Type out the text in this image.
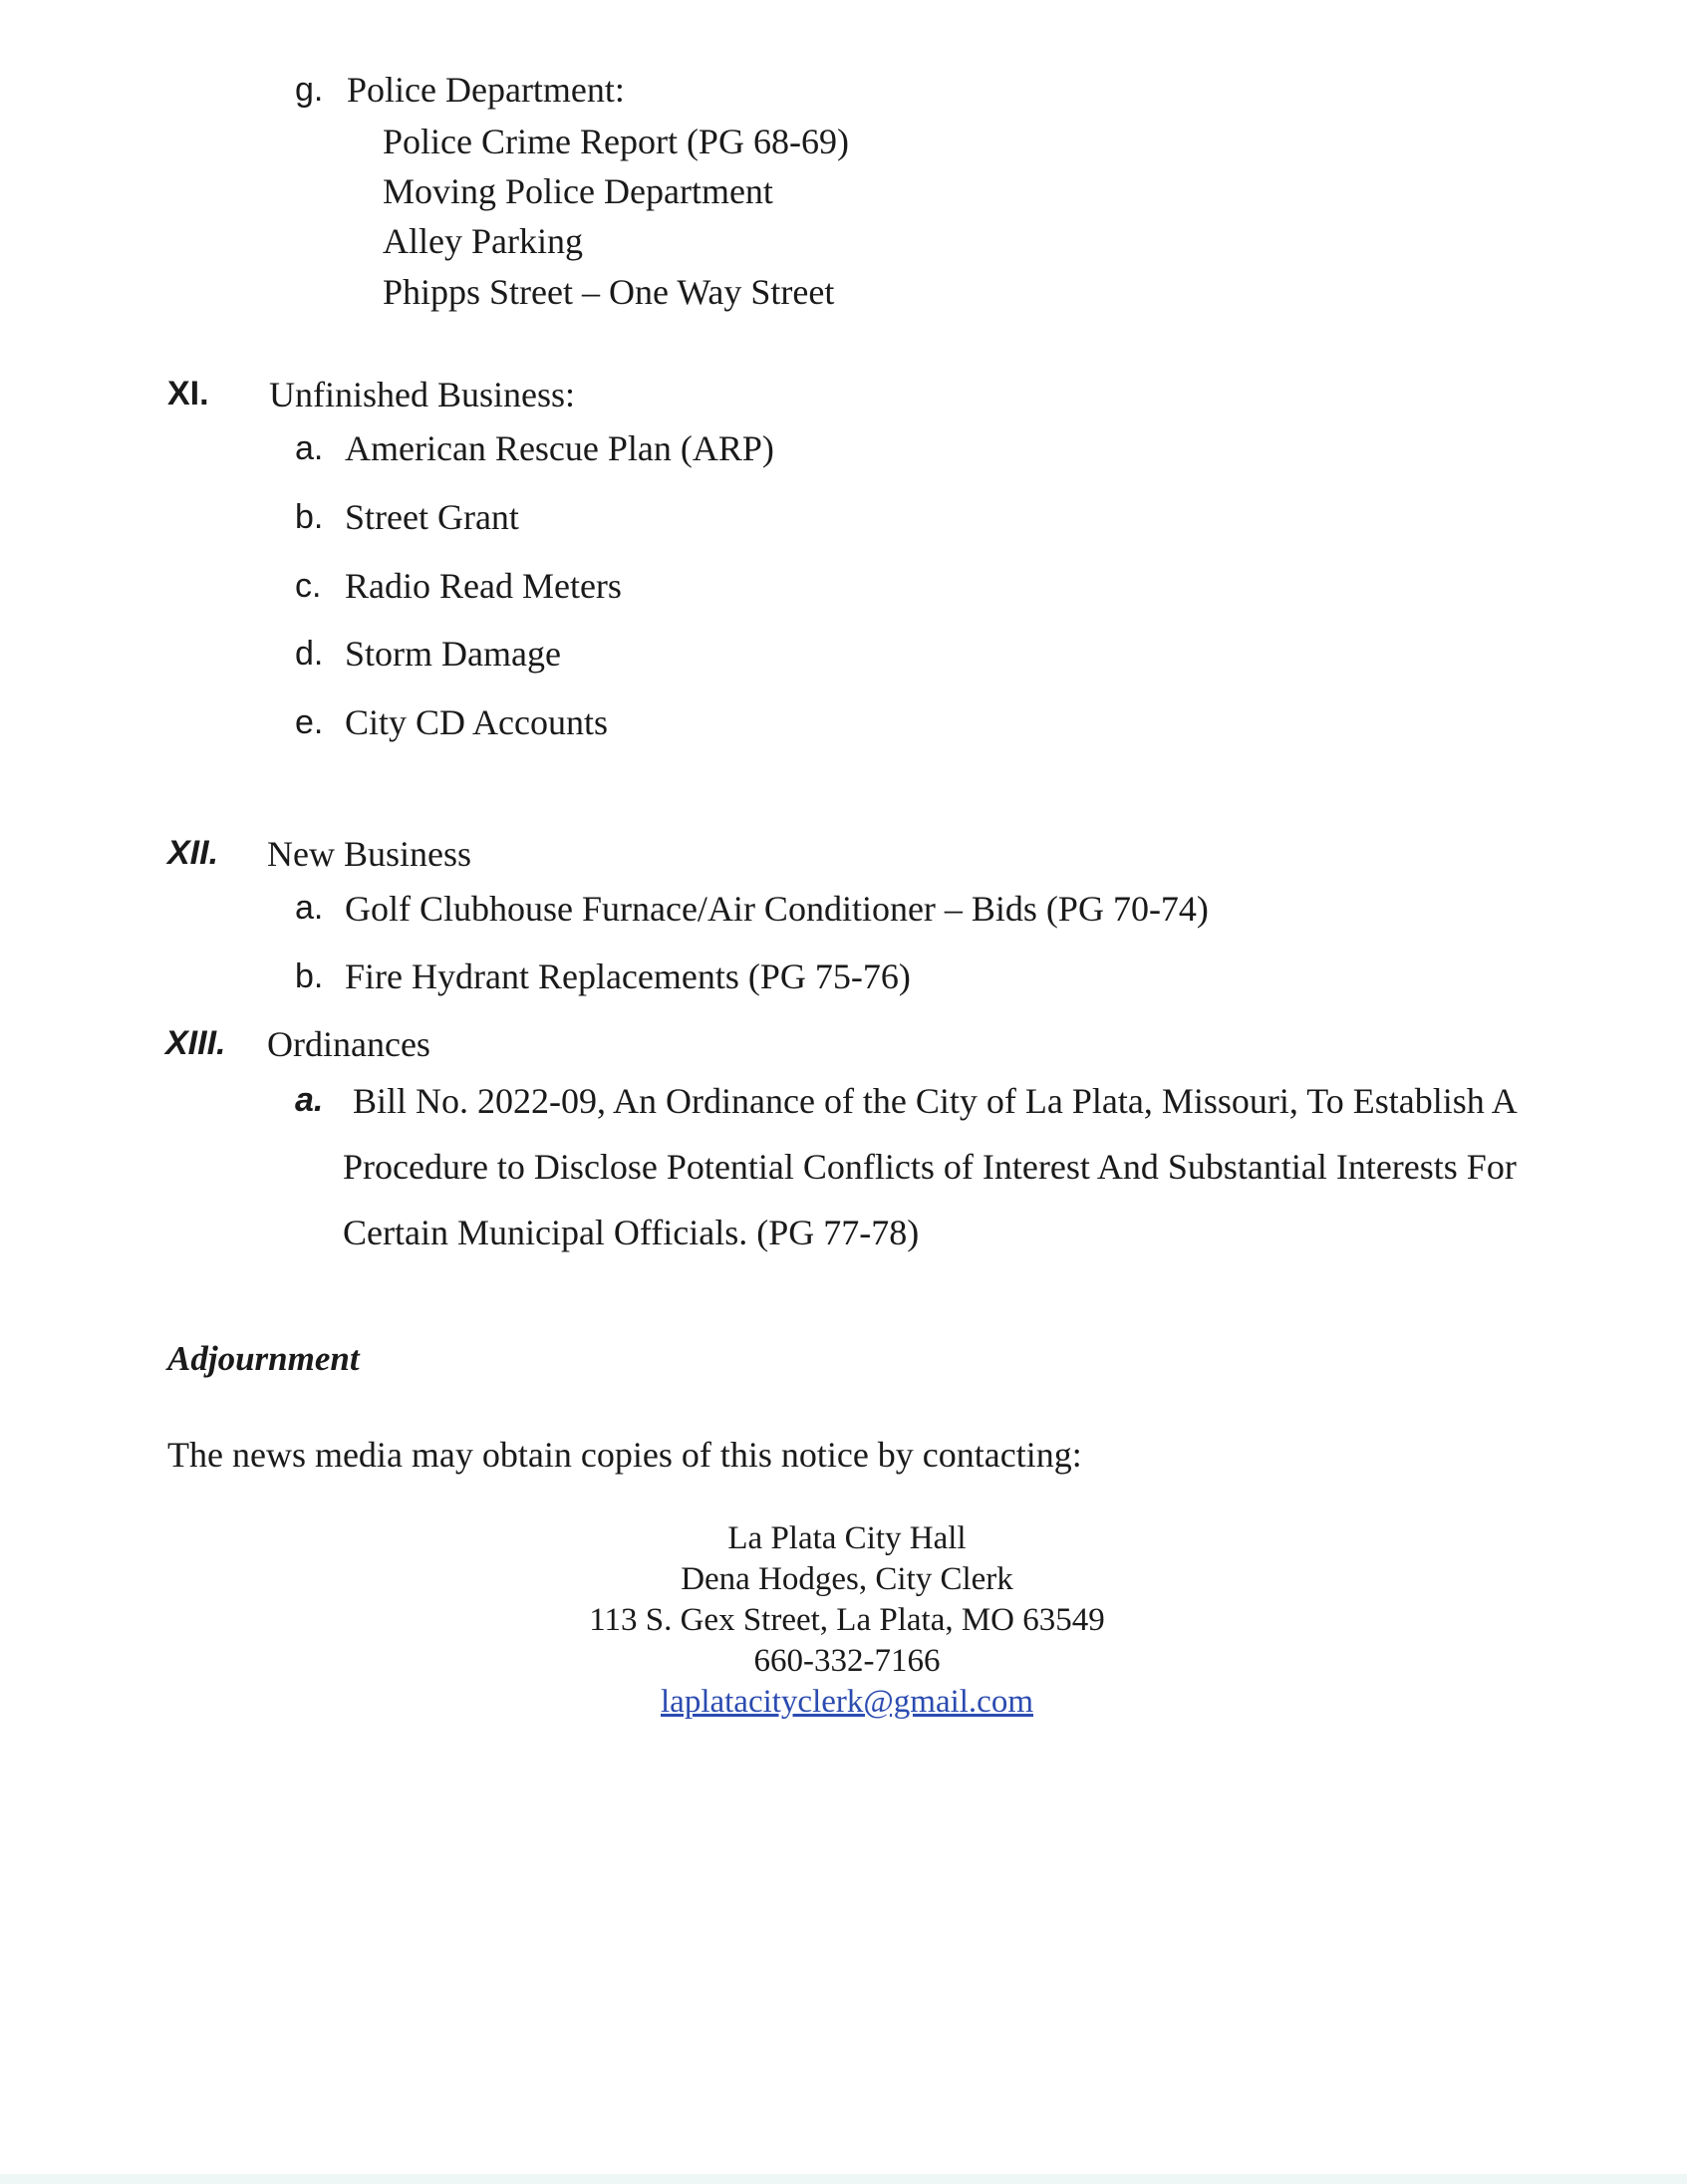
g. Police Department:
Police Crime Report (PG 68-69)
Moving Police Department
Alley Parking
Phipps Street – One Way Street
XI. Unfinished Business:
a. American Rescue Plan (ARP)
b. Street Grant
c. Radio Read Meters
d. Storm Damage
e. City CD Accounts
XII. New Business
a. Golf Clubhouse Furnace/Air Conditioner – Bids (PG 70-74)
b. Fire Hydrant Replacements (PG 75-76)
XIII. Ordinances
a. Bill No. 2022-09, An Ordinance of the City of La Plata, Missouri, To Establish A
Procedure to Disclose Potential Conflicts of Interest And Substantial Interests For
Certain Municipal Officials. (PG 77-78)
Adjournment
The news media may obtain copies of this notice by contacting:
La Plata City Hall
Dena Hodges, City Clerk
113 S. Gex Street, La Plata, MO 63549
660-332-7166
laplatacityclerk@gmail.com
